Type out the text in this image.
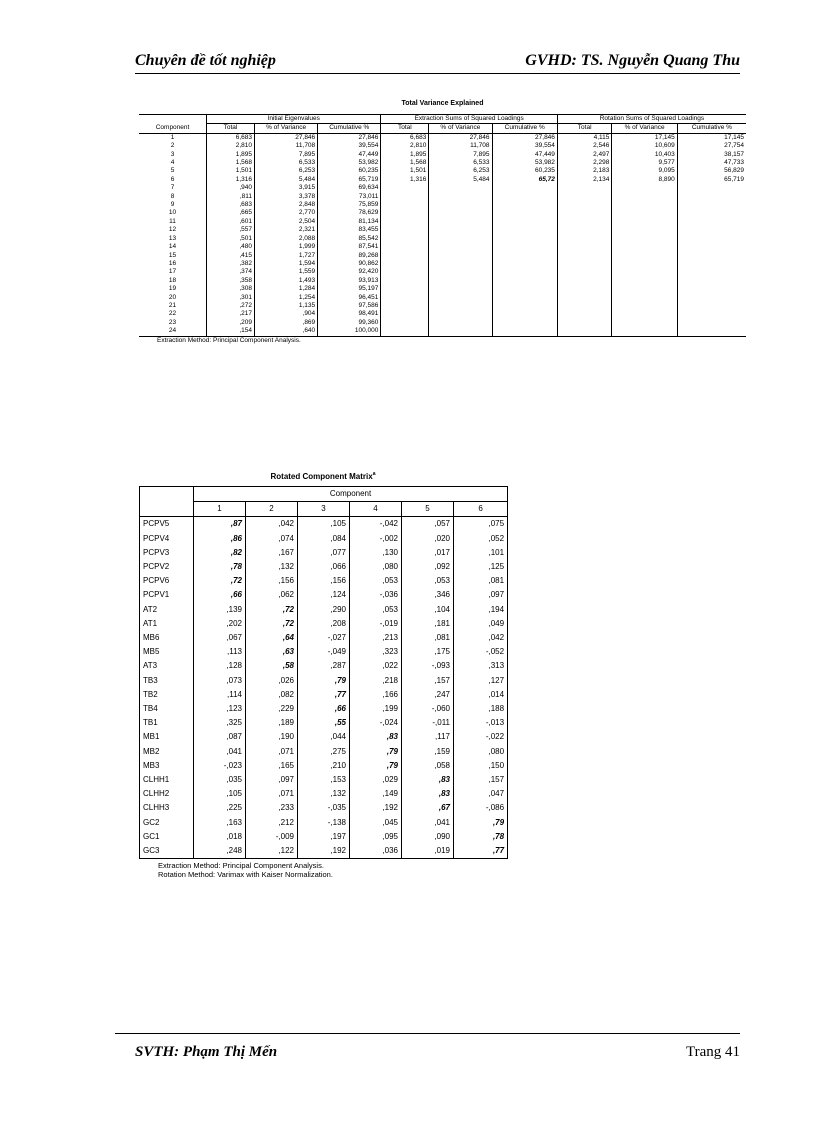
Chuyên đề tốt nghiệp	GVHD: TS. Nguyễn Quang Thu
Total Variance Explained
	Initial Eigenvalues			Extraction Sums of Squared Loadings			Rotation Sums of Squared Loadings		
Component	Total	% of Variance	Cumulative %	Total	% of Variance	Cumulative %	Total	% of Variance	Cumulative %
1	6,683	27,846	27,846	6,683	27,846	27,846	4,115	17,145	17,145
2	2,810	11,708	39,554	2,810	11,708	39,554	2,546	10,609	27,754
3	1,895	7,895	47,449	1,895	7,895	47,449	2,497	10,403	38,157
4	1,568	6,533	53,982	1,568	6,533	53,982	2,298	9,577	47,733
5	1,501	6,253	60,235	1,501	6,253	60,235	2,183	9,095	56,829
6	1,316	5,484	65,719	1,316	5,484	65,72	2,134	8,890	65,719
7	,940	3,915	69,634						
8	,811	3,378	73,011						
9	,683	2,848	75,859						
10	,665	2,770	78,629						
11	,601	2,504	81,134						
12	,557	2,321	83,455						
13	,501	2,088	85,542						
14	,480	1,999	87,541						
15	,415	1,727	89,268						
16	,382	1,594	90,862						
17	,374	1,559	92,420						
18	,358	1,493	93,913						
19	,308	1,284	95,197						
20	,301	1,254	96,451						
21	,272	1,135	97,586						
22	,217	,904	98,491						
23	,209	,869	99,360						
24	,154	,640	100,000						
Extraction Method: Principal Component Analysis.
Rotated Component Matrix$^a$
	Component					
	1	2	3	4	5	6
PCPV5	,87	,042	,105	-,042	,057	,075
PCPV4	,86	,074	,084	-,002	,020	,052
PCPV3	,82	,167	,077	,130	,017	,101
PCPV2	,78	,132	,066	,080	,092	,125
PCPV6	,72	,156	,156	,053	,053	,081
PCPV1	,66	,062	,124	-,036	,346	,097
AT2	,139	,72	,290	,053	,104	,194
AT1	,202	,72	,208	-,019	,181	,049
MB6	,067	,64	-,027	,213	,081	,042
MB5	,113	,63	-,049	,323	,175	-,052
AT3	,128	,58	,287	,022	-,093	,313
TB3	,073	,026	,79	,218	,157	,127
TB2	,114	,082	,77	,166	,247	,014
TB4	,123	,229	,66	,199	-,060	,188
TB1	,325	,189	,55	-,024	-,011	-,013
MB1	,087	,190	,044	,83	,117	-,022
MB2	,041	,071	,275	,79	,159	,080
MB3	-,023	,165	,210	,79	,058	,150
CLHH1	,035	,097	,153	,029	,83	,157
CLHH2	,105	,071	,132	,149	,83	,047
CLHH3	,225	,233	-,035	,192	,67	-,086
GC2	,163	,212	-,138	,045	,041	,79
GC1	,018	-,009	,197	,095	,090	,78
GC3	,248	,122	,192	,036	,019	,77
Extraction Method: Principal Component Analysis.
Rotation Method: Varimax with Kaiser Normalization.
SVTH: Phạm Thị Mến	Trang 41
